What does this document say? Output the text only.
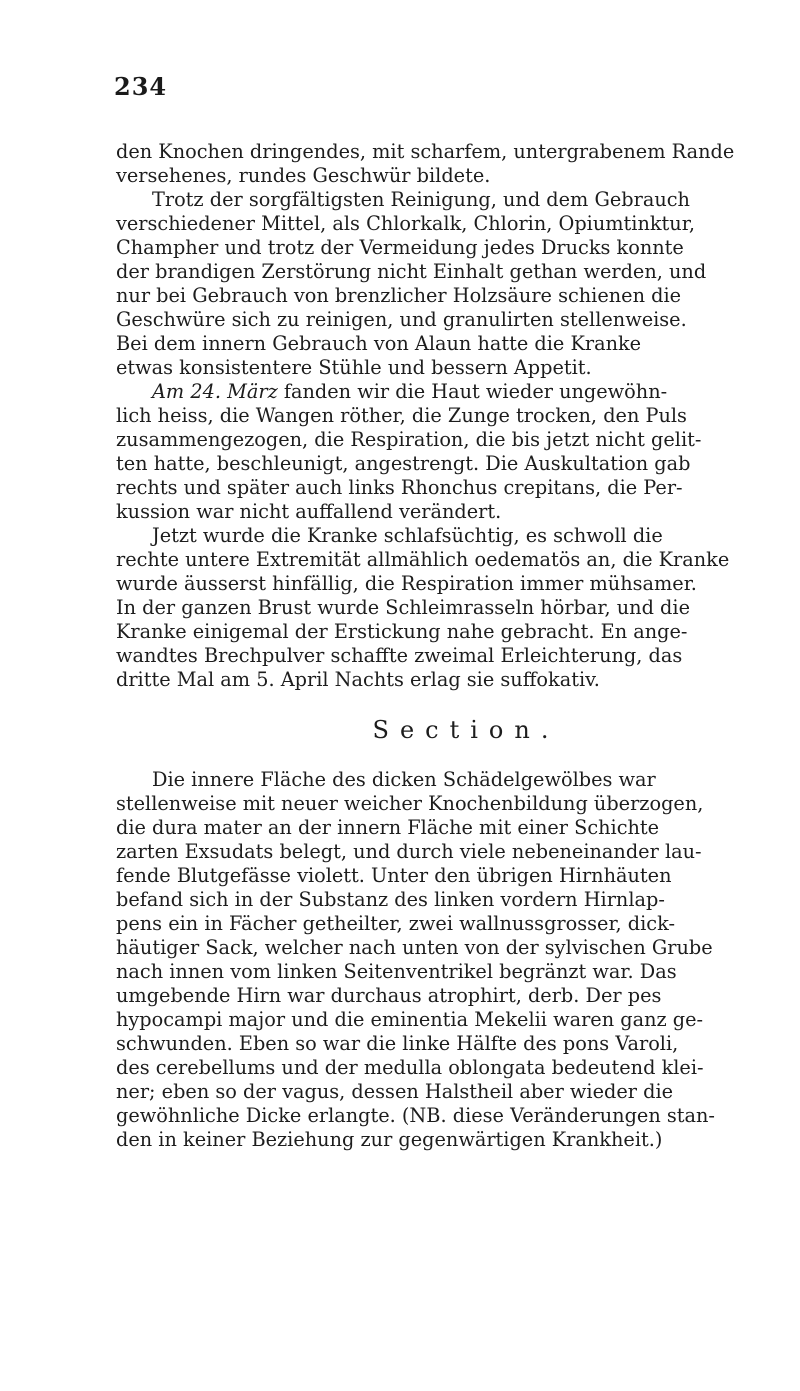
234
den Knochen dringendes, mit scharfem, untergrabenem Rande
versehenes, rundes Geschwür bildete.
Trotz der sorgfältigsten Reinigung, und dem Gebrauch
verschiedener Mittel, als Chlorkalk, Chlorin, Opiumtinktur,
Champher und trotz der Vermeidung jedes Drucks konnte
der brandigen Zerstörung nicht Einhalt gethan werden, und
nur bei Gebrauch von brenzlicher Holzsäure schienen die
Geschwüre sich zu reinigen, und granulirten stellenweise.
Bei dem innern Gebrauch von Alaun hatte die Kranke
etwas konsistentere Stühle und bessern Appetit.
Am 24. März fanden wir die Haut wieder ungewöhn-
lich heiss, die Wangen röther, die Zunge trocken, den Puls
zusammengezogen, die Respiration, die bis jetzt nicht gelit-
ten hatte, beschleunigt, angestrengt. Die Auskultation gab
rechts und später auch links Rhonchus crepitans, die Per-
kussion war nicht auffallend verändert.
Jetzt wurde die Kranke schlafsüchtig, es schwoll die
rechte untere Extremität allmählich oedematös an, die Kranke
wurde äusserst hinfällig, die Respiration immer mühsamer.
In der ganzen Brust wurde Schleimrasseln hörbar, und die
Kranke einigemal der Erstickung nahe gebracht. En ange-
wandtes Brechpulver schaffte zweimal Erleichterung, das
dritte Mal am 5. April Nachts erlag sie suffokativ.
Section.
Die innere Fläche des dicken Schädelgewölbes war
stellenweise mit neuer weicher Knochenbildung überzogen,
die dura mater an der innern Fläche mit einer Schichte
zarten Exsudats belegt, und durch viele nebeneinander lau-
fende Blutgefässe violett. Unter den übrigen Hirnhäuten
befand sich in der Substanz des linken vordern Hirnlap-
pens ein in Fächer getheilter, zwei wallnussgrosser, dick-
häutiger Sack, welcher nach unten von der sylvischen Grube
nach innen vom linken Seitenventrikel begränzt war. Das
umgebende Hirn war durchaus atrophirt, derb. Der pes
hypocampi major und die eminentia Mekelii waren ganz ge-
schwunden. Eben so war die linke Hälfte des pons Varoli,
des cerebellums und der medulla oblongata bedeutend klei-
ner; eben so der vagus, dessen Halstheil aber wieder die
gewöhnliche Dicke erlangte. (NB. diese Veränderungen stan-
den in keiner Beziehung zur gegenwärtigen Krankheit.)
